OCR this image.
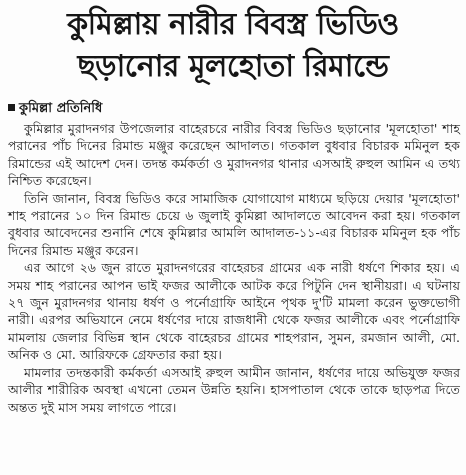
কুমিল্লায় নারীর বিবস্ত্র ভিডিও
ছড়ানোর মূলহোতা রিমান্ডে
কুমিল্লা প্রতিনিধি

কুমিল্লার মুরাদনগর উপজেলার বাহেরচরে নারীর বিবস্ত্র ভিডিও ছড়ানোর 'মূলহোতা' শাহ পরানের পাঁচ দিনের রিমান্ড মঞ্জুর করেছেন আদালত। গতকাল বুধবার বিচারক মমিনুল হক রিমান্ডের এই আদেশ দেন। তদন্ত কর্মকর্তা ও মুরাদনগর থানার এসআই রুহুল আমিন এ তথ্য নিশ্চিত করেছেন।

তিনি জানান, বিবস্ত্র ভিডিও করে সামাজিক যোগাযোগ মাধ্যমে ছড়িয়ে দেয়ার 'মূলহোতা' শাহ পরানের ১০ দিন রিমান্ড চেয়ে ৬ জুলাই কুমিল্লা আদালতে আবেদন করা হয়। গতকাল বুধবার আবেদনের শুনানি শেষে কুমিল্লার আমলি আদালত-১১-এর বিচারক মমিনুল হক পাঁচ দিনের রিমান্ড মঞ্জুর করেন।

এর আগে ২৬ জুন রাতে মুরাদনগরের বাহেরচর গ্রামের এক নারী ধর্ষণে শিকার হয়। এ সময় শাহ পরানের আপন ভাই ফজর আলীকে আটক করে পিটুনি দেন স্থানীয়রা। এ ঘটনায় ২৭ জুন মুরাদনগর থানায় ধর্ষণ ও পর্নোগ্রাফি আইনে পৃথক দু'টি মামলা করেন ভুক্তভোগী নারী। এরপর অভিযানে নেমে ধর্ষণের দায়ে রাজধানী থেকে ফজর আলীকে এবং পর্নোগ্রাফি মামলায় জেলার বিভিন্ন স্থান থেকে বাহেরচর গ্রামের শাহপরান, সুমন, রমজান আলী, মো. অনিক ও মো. আরিফকে গ্রেফতার করা হয়।

মামলার তদন্তকারী কর্মকর্তা এসআই রুহুল আমীন জানান, ধর্ষণের দায়ে অভিযুক্ত ফজর আলীর শারীরিক অবস্থা এখনো তেমন উন্নতি হয়নি। হাসপাতাল থেকে তাকে ছাড়পত্র দিতে অন্তত দুই মাস সময় লাগতে পারে।
